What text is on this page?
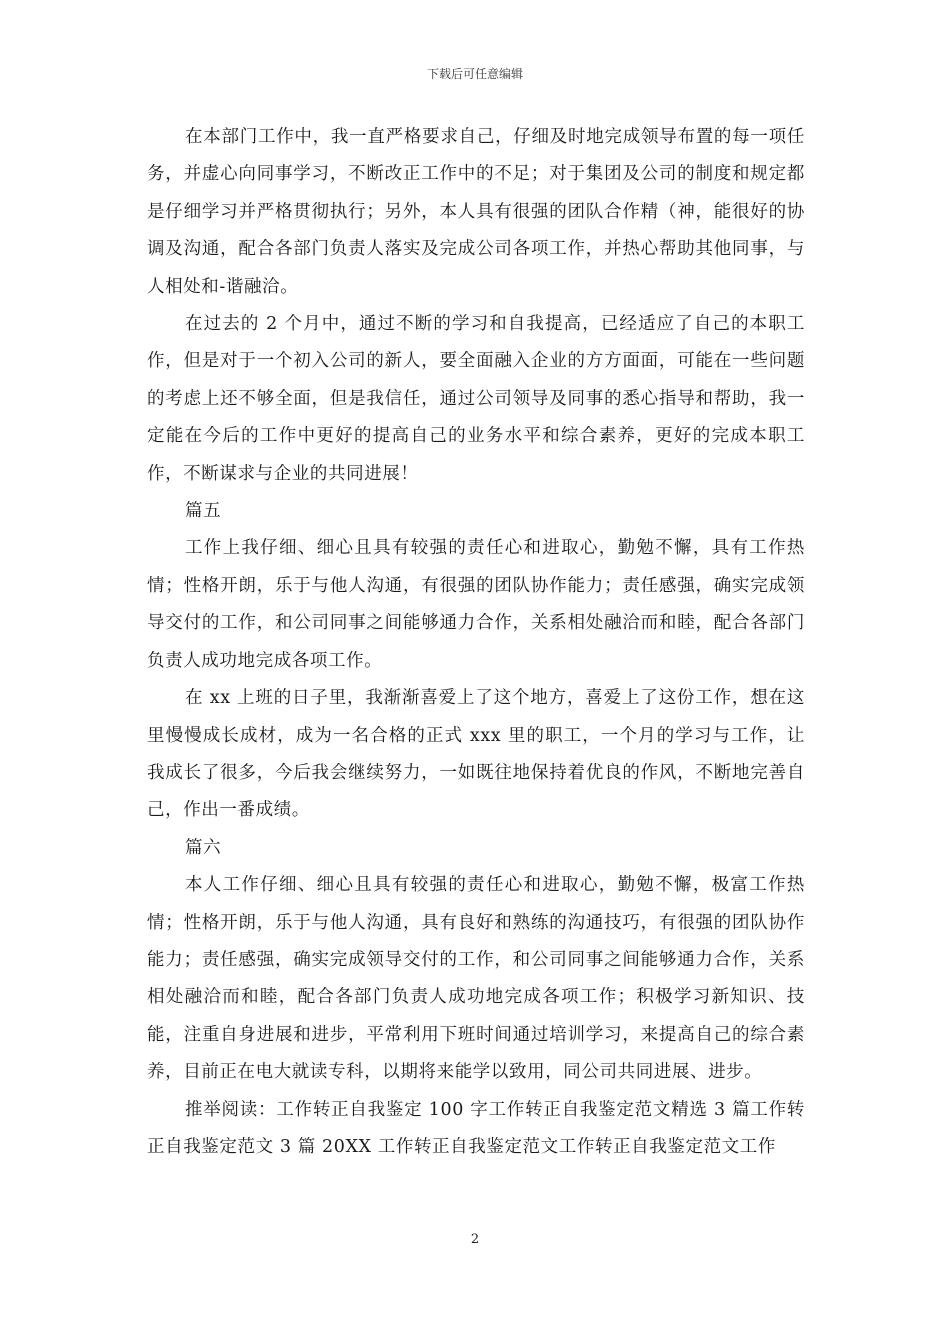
下载后可任意编辑

在本部门工作中，我一直严格要求自己，仔细及时地完成领导布置的每一项任务，并虚心向同事学习，不断改正工作中的不足；对于集团及公司的制度和规定都是仔细学习并严格贯彻执行；另外，本人具有很强的团队合作精（神，能很好的协调及沟通，配合各部门负责人落实及完成公司各项工作，并热心帮助其他同事，与人相处和-谐融洽。

在过去的 2 个月中，通过不断的学习和自我提高，已经适应了自己的本职工作，但是对于一个初入公司的新人，要全面融入企业的方方面面，可能在一些问题的考虑上还不够全面，但是我信任，通过公司领导及同事的悉心指导和帮助，我一定能在今后的工作中更好的提高自己的业务水平和综合素养，更好的完成本职工作，不断谋求与企业的共同进展！

篇五

工作上我仔细、细心且具有较强的责任心和进取心，勤勉不懈，具有工作热情；性格开朗，乐于与他人沟通，有很强的团队协作能力；责任感强，确实完成领导交付的工作，和公司同事之间能够通力合作，关系相处融洽而和睦，配合各部门负责人成功地完成各项工作。

在 xx 上班的日子里，我渐渐喜爱上了这个地方，喜爱上了这份工作，想在这里慢慢成长成材，成为一名合格的正式 xxx 里的职工，一个月的学习与工作，让我成长了很多，今后我会继续努力，一如既往地保持着优良的作风，不断地完善自己，作出一番成绩。

篇六

本人工作仔细、细心且具有较强的责任心和进取心，勤勉不懈，极富工作热情；性格开朗，乐于与他人沟通，具有良好和熟练的沟通技巧，有很强的团队协作能力；责任感强，确实完成领导交付的工作，和公司同事之间能够通力合作，关系相处融洽而和睦，配合各部门负责人成功地完成各项工作；积极学习新知识、技能，注重自身进展和进步，平常利用下班时间通过培训学习，来提高自己的综合素养，目前正在电大就读专科，以期将来能学以致用，同公司共同进展、进步。

推举阅读：工作转正自我鉴定 100 字工作转正自我鉴定范文精选 3 篇工作转正自我鉴定范文 3 篇 20XX 工作转正自我鉴定范文工作转正自我鉴定范文工作

2
